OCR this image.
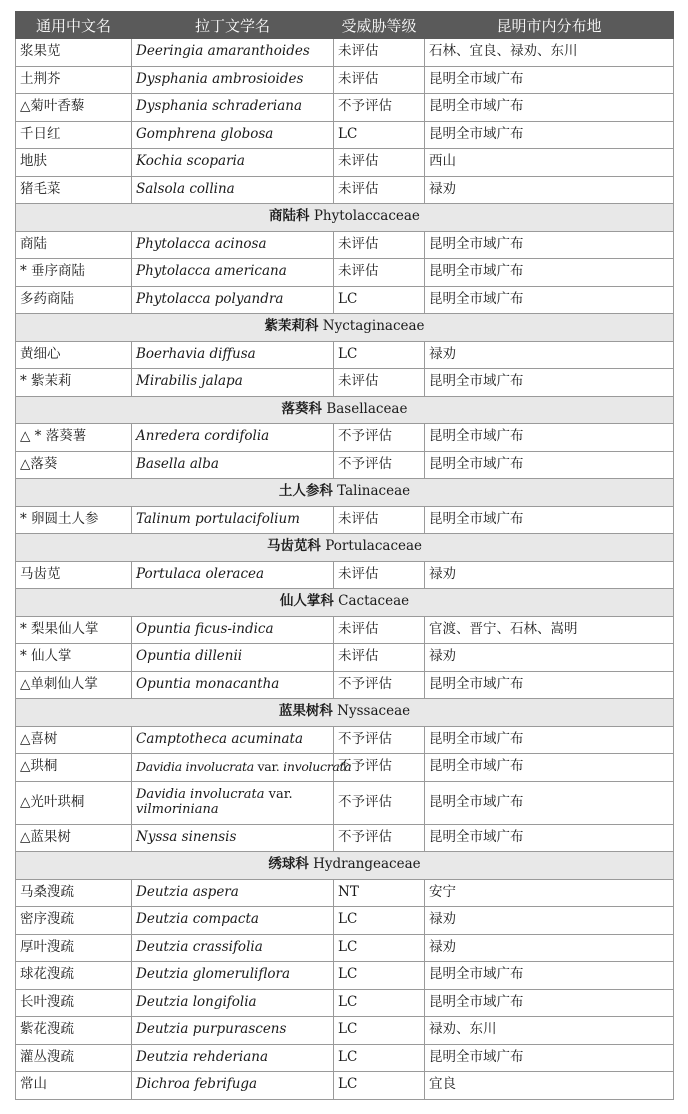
通用中文名	拉丁文学名	受威胁等级	昆明市内分布地
浆果苋	Deeringia amaranthoides	未评估	石林、宜良、禄劝、东川
土荆芥	Dysphania ambrosioides	未评估	昆明全市域广布
△菊叶香藜	Dysphania schraderiana	不予评估	昆明全市域广布
千日红	Gomphrena globosa	LC	昆明全市域广布
地肤	Kochia scoparia	未评估	西山
猪毛菜	Salsola collina	未评估	禄劝
商陆科 Phytolaccaceae			
商陆	Phytolacca acinosa	未评估	昆明全市域广布
* 垂序商陆	Phytolacca americana	未评估	昆明全市域广布
多药商陆	Phytolacca polyandra	LC	昆明全市域广布
紫茉莉科 Nyctaginaceae			
黄细心	Boerhavia diffusa	LC	禄劝
* 紫茉莉	Mirabilis jalapa	未评估	昆明全市域广布
落葵科 Basellaceae			
△ * 落葵薯	Anredera cordifolia	不予评估	昆明全市域广布
△落葵	Basella alba	不予评估	昆明全市域广布
土人参科 Talinaceae			
* 卵圆土人参	Talinum portulacifolium	未评估	昆明全市域广布
马齿苋科 Portulacaceae			
马齿苋	Portulaca oleracea	未评估	禄劝
仙人掌科 Cactaceae			
* 梨果仙人掌	Opuntia ficus-indica	未评估	官渡、晋宁、石林、嵩明
* 仙人掌	Opuntia dillenii	未评估	禄劝
△单刺仙人掌	Opuntia monacantha	不予评估	昆明全市域广布
蓝果树科 Nyssaceae			
△喜树	Camptotheca acuminata	不予评估	昆明全市域广布
△珙桐	Davidia involucrata var. involucrata	不予评估	昆明全市域广布
△光叶珙桐	Davidia involucrata var. vilmoriniana	不予评估	昆明全市域广布
△蓝果树	Nyssa sinensis	不予评估	昆明全市域广布
绣球科 Hydrangeaceae			
马桑溲疏	Deutzia aspera	NT	安宁
密序溲疏	Deutzia compacta	LC	禄劝
厚叶溲疏	Deutzia crassifolia	LC	禄劝
球花溲疏	Deutzia glomeruliflora	LC	昆明全市域广布
长叶溲疏	Deutzia longifolia	LC	昆明全市域广布
紫花溲疏	Deutzia purpurascens	LC	禄劝、东川
灌丛溲疏	Deutzia rehderiana	LC	昆明全市域广布
常山	Dichroa febrifuga	LC	宜良
